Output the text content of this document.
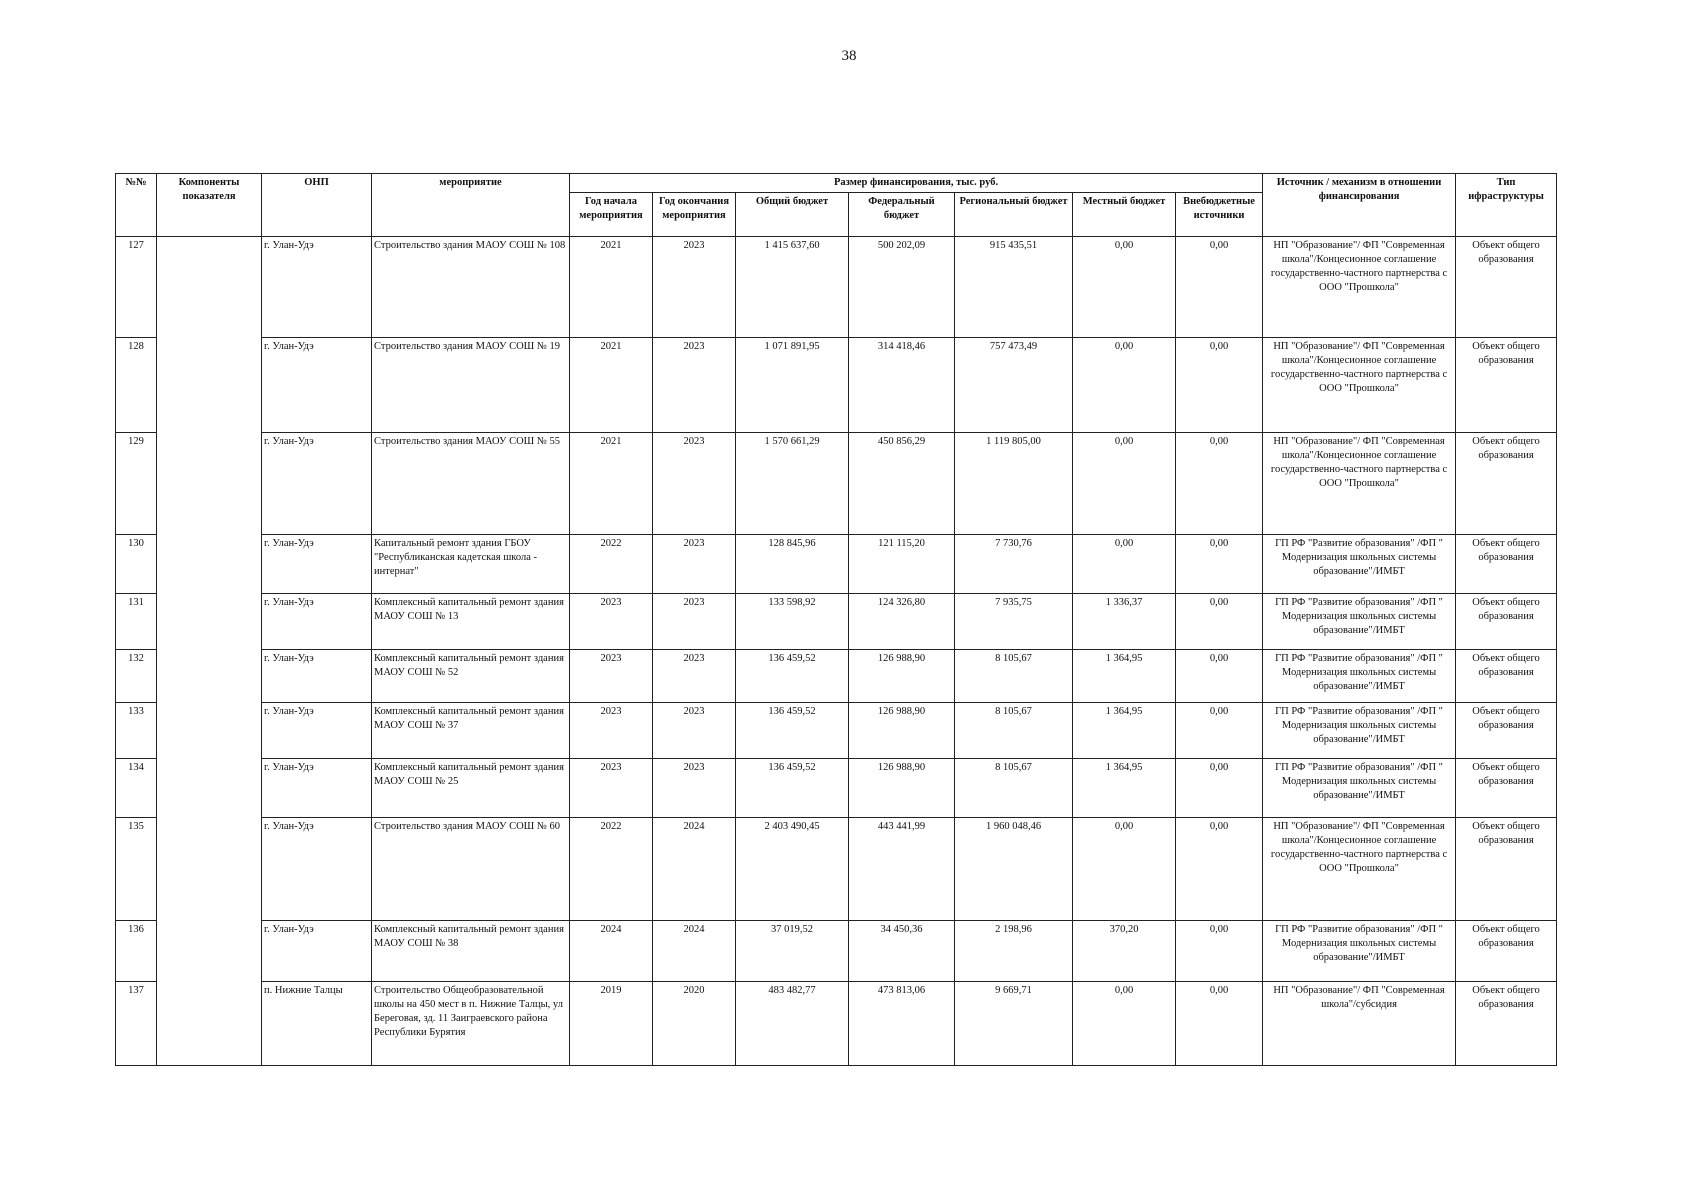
38
№№	Компоненты показателя	ОНП	мероприятие	Размер финансирования, тыс. руб.							Источник / механизм в отношении финансирования	Тип ифраструктуры
				Год начала мероприятия	Год окончания мероприятия	Общий бюджет	Федеральный бюджет	Региональный бюджет	Местный бюджет	Внебюджетные источники		
127		г. Улан-Удэ	Строительство здания МАОУ СОШ № 108	2021	2023	1 415 637,60	500 202,09	915 435,51	0,00	0,00	НП "Образование"/ ФП "Современная школа"/Концесионное соглашение государственно-частного партнерства с ООО "Прошкола"	Объект общего образования
128		г. Улан-Удэ	Строительство здания МАОУ СОШ № 19	2021	2023	1 071 891,95	314 418,46	757 473,49	0,00	0,00	НП "Образование"/ ФП "Современная школа"/Концесионное соглашение государственно-частного партнерства с ООО "Прошкола"	Объект общего образования
129		г. Улан-Удэ	Строительство здания МАОУ СОШ № 55	2021	2023	1 570 661,29	450 856,29	1 119 805,00	0,00	0,00	НП "Образование"/ ФП "Современная школа"/Концесионное соглашение государственно-частного партнерства с ООО "Прошкола"	Объект общего образования
130		г. Улан-Удэ	Капитальный ремонт здания ГБОУ "Республиканская кадетская школа - интернат"	2022	2023	128 845,96	121 115,20	7 730,76	0,00	0,00	ГП РФ "Развитие образования" /ФП " Модернизация школьных системы образование"/ИМБТ	Объект общего образования
131		г. Улан-Удэ	Комплексный капитальный ремонт здания МАОУ СОШ № 13	2023	2023	133 598,92	124 326,80	7 935,75	1 336,37	0,00	ГП РФ "Развитие образования" /ФП " Модернизация школьных системы образование"/ИМБТ	Объект общего образования
132		г. Улан-Удэ	Комплексный капитальный ремонт здания МАОУ СОШ № 52	2023	2023	136 459,52	126 988,90	8 105,67	1 364,95	0,00	ГП РФ "Развитие образования" /ФП " Модернизация школьных системы образование"/ИМБТ	Объект общего образования
133		г. Улан-Удэ	Комплексный капитальный ремонт здания МАОУ СОШ № 37	2023	2023	136 459,52	126 988,90	8 105,67	1 364,95	0,00	ГП РФ "Развитие образования" /ФП " Модернизация школьных системы образование"/ИМБТ	Объект общего образования
134		г. Улан-Удэ	Комплексный капитальный ремонт здания МАОУ СОШ № 25	2023	2023	136 459,52	126 988,90	8 105,67	1 364,95	0,00	ГП РФ "Развитие образования" /ФП " Модернизация школьных системы образование"/ИМБТ	Объект общего образования
135		г. Улан-Удэ	Строительство здания МАОУ СОШ № 60	2022	2024	2 403 490,45	443 441,99	1 960 048,46	0,00	0,00	НП "Образование"/ ФП "Современная школа"/Концесионное соглашение государственно-частного партнерства с ООО "Прошкола"	Объект общего образования
136		г. Улан-Удэ	Комплексный капитальный ремонт здания МАОУ СОШ № 38	2024	2024	37 019,52	34 450,36	2 198,96	370,20	0,00	ГП РФ "Развитие образования" /ФП " Модернизация школьных системы образование"/ИМБТ	Объект общего образования
137		п. Нижние Талцы	Строительство Общеобразовательной школы на 450 мест в п. Нижние Талцы, ул Береговая, зд. 11 Заиграевского района Республики Бурятия	2019	2020	483 482,77	473 813,06	9 669,71	0,00	0,00	НП "Образование"/ ФП "Современная школа"/субсидия	Объект общего образования
